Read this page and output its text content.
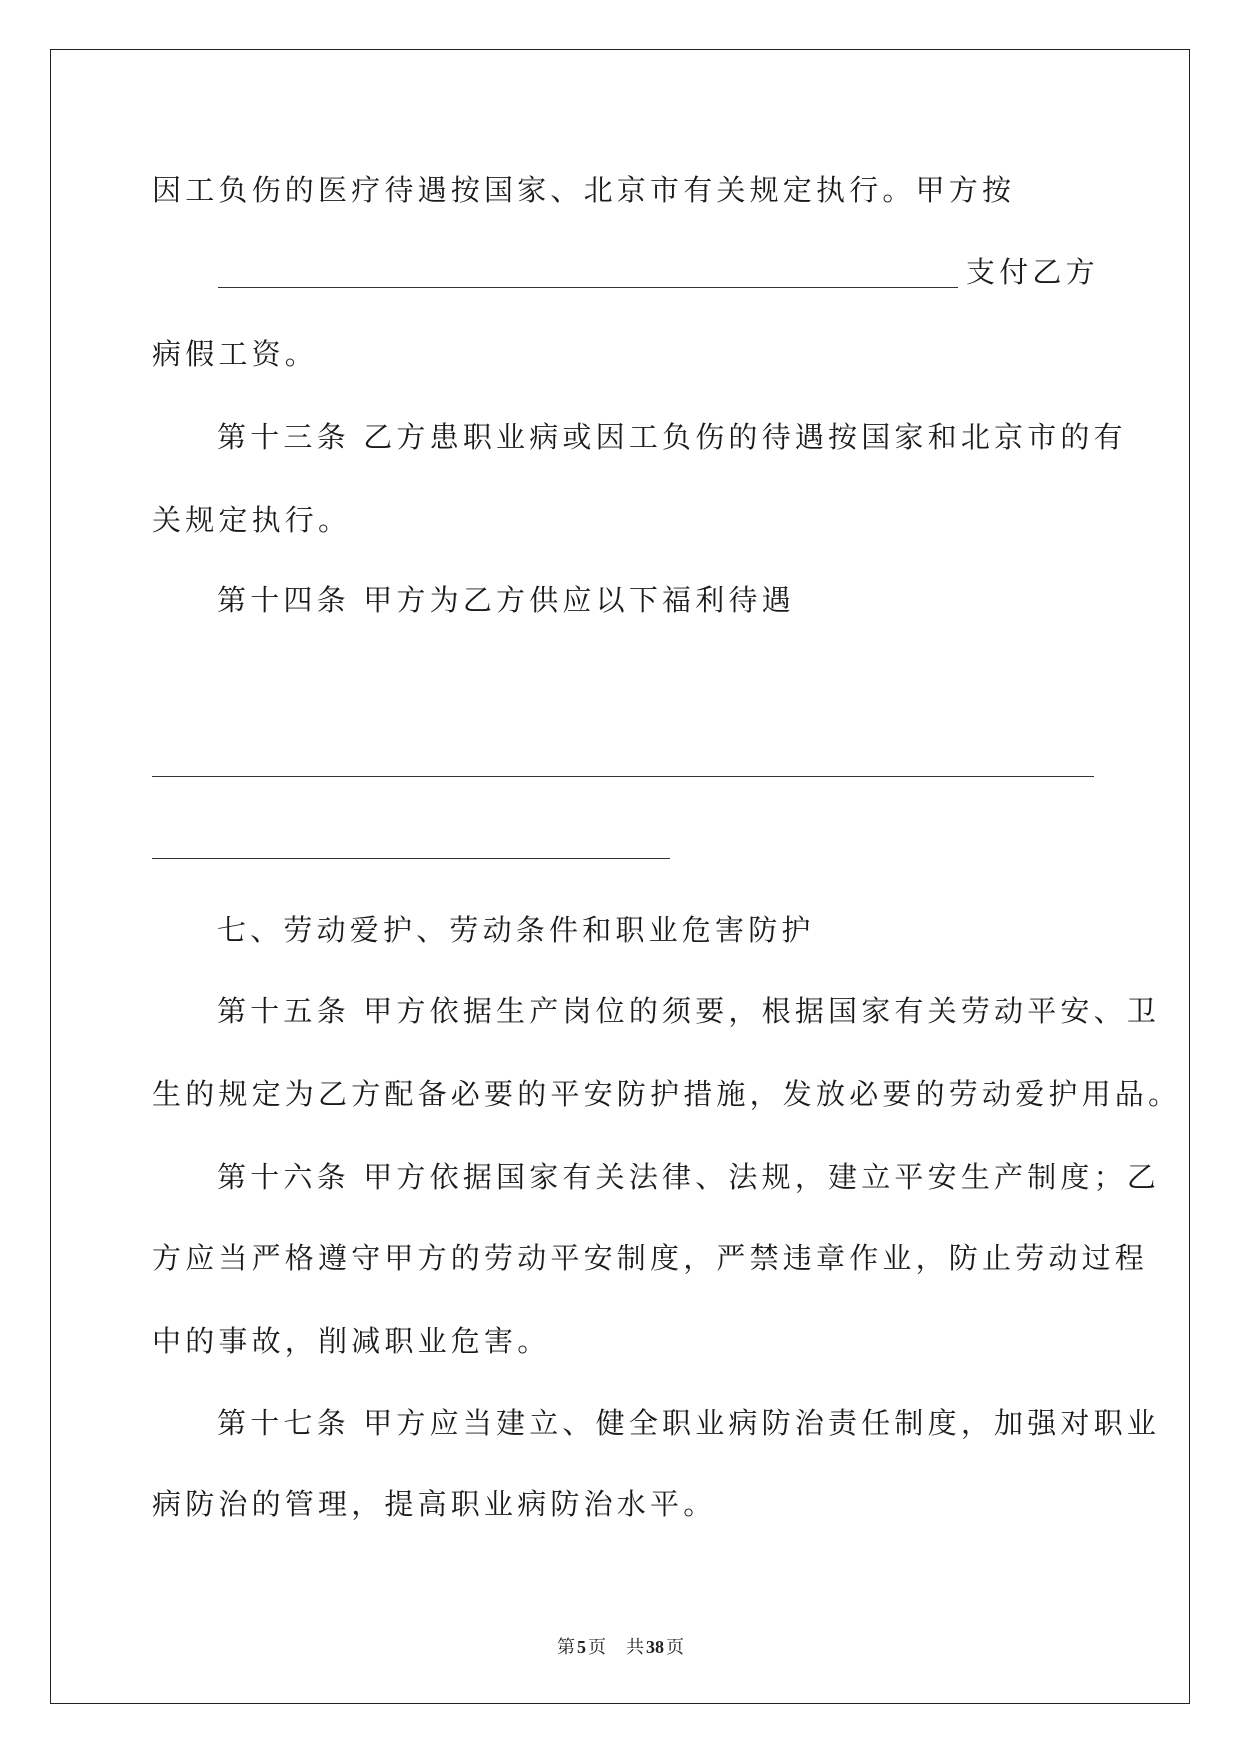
因工负伤的医疗待遇按国家、北京市有关规定执行。甲方按
支付乙方
病假工资。
第十三条 乙方患职业病或因工负伤的待遇按国家和北京市的有
关规定执行。
第十四条 甲方为乙方供应以下福利待遇
七、劳动爱护、劳动条件和职业危害防护
第十五条 甲方依据生产岗位的须要，根据国家有关劳动平安、卫
生的规定为乙方配备必要的平安防护措施，发放必要的劳动爱护用品。
第十六条 甲方依据国家有关法律、法规，建立平安生产制度；乙
方应当严格遵守甲方的劳动平安制度，严禁违章作业，防止劳动过程
中的事故，削减职业危害。
第十七条 甲方应当建立、健全职业病防治责任制度，加强对职业
病防治的管理，提高职业病防治水平。
第 5 页 共 38 页
